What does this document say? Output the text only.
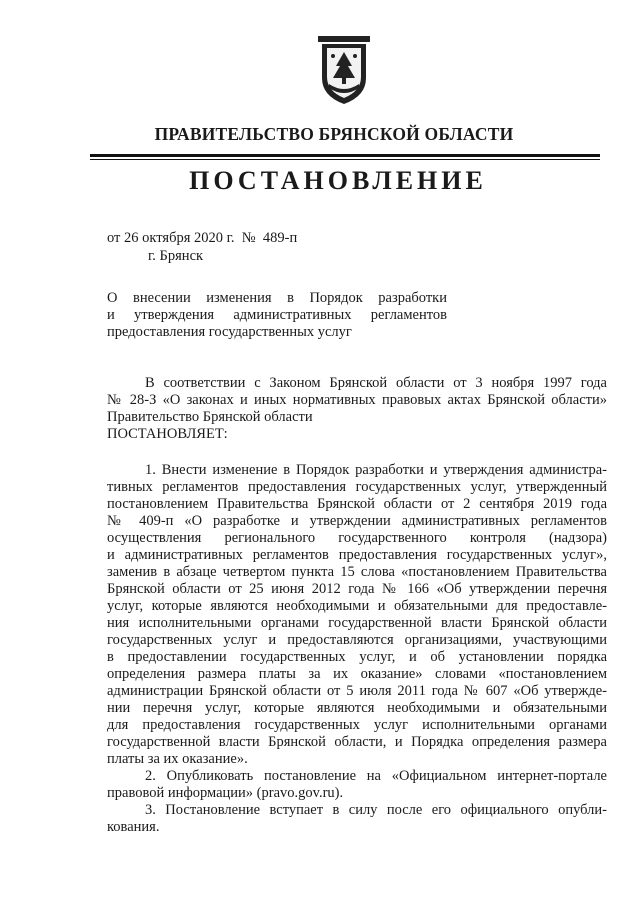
ПРАВИТЕЛЬСТВО БРЯНСКОЙ ОБЛАСТИ
ПОСТАНОВЛЕНИЕ
от 26 октября 2020 г.  №  489-п
г. Брянск
О внесении изменения в Порядок разработки
и утверждения административных регламентов
предоставления государственных услуг
В соответствии с Законом Брянской области от 3 ноября 1997 года
№ 28-З «О законах и иных нормативных правовых актах Брянской области»
Правительство Брянской области
ПОСТАНОВЛЯЕТ:
1. Внести изменение в Порядок разработки и утверждения администра-
тивных регламентов предоставления государственных услуг, утвержденный
постановлением Правительства Брянской области от 2 сентября 2019 года
№ 409-п «О разработке и утверждении административных регламентов
осуществления регионального государственного контроля (надзора)
и административных регламентов предоставления государственных услуг»,
заменив в абзаце четвертом пункта 15 слова «постановлением Правительства
Брянской области от 25 июня 2012 года № 166 «Об утверждении перечня
услуг, которые являются необходимыми и обязательными для предоставле-
ния исполнительными органами государственной власти Брянской области
государственных услуг и предоставляются организациями, участвующими
в предоставлении государственных услуг, и об установлении порядка
определения размера платы за их оказание» словами «постановлением
администрации Брянской области от 5 июля 2011 года № 607 «Об утвержде-
нии перечня услуг, которые являются необходимыми и обязательными
для предоставления государственных услуг исполнительными органами
государственной власти Брянской области, и Порядка определения размера
платы за их оказание».
2. Опубликовать постановление на «Официальном интернет-портале
правовой информации» (pravo.gov.ru).
3. Постановление вступает в силу после его официального опубли-
кования.
